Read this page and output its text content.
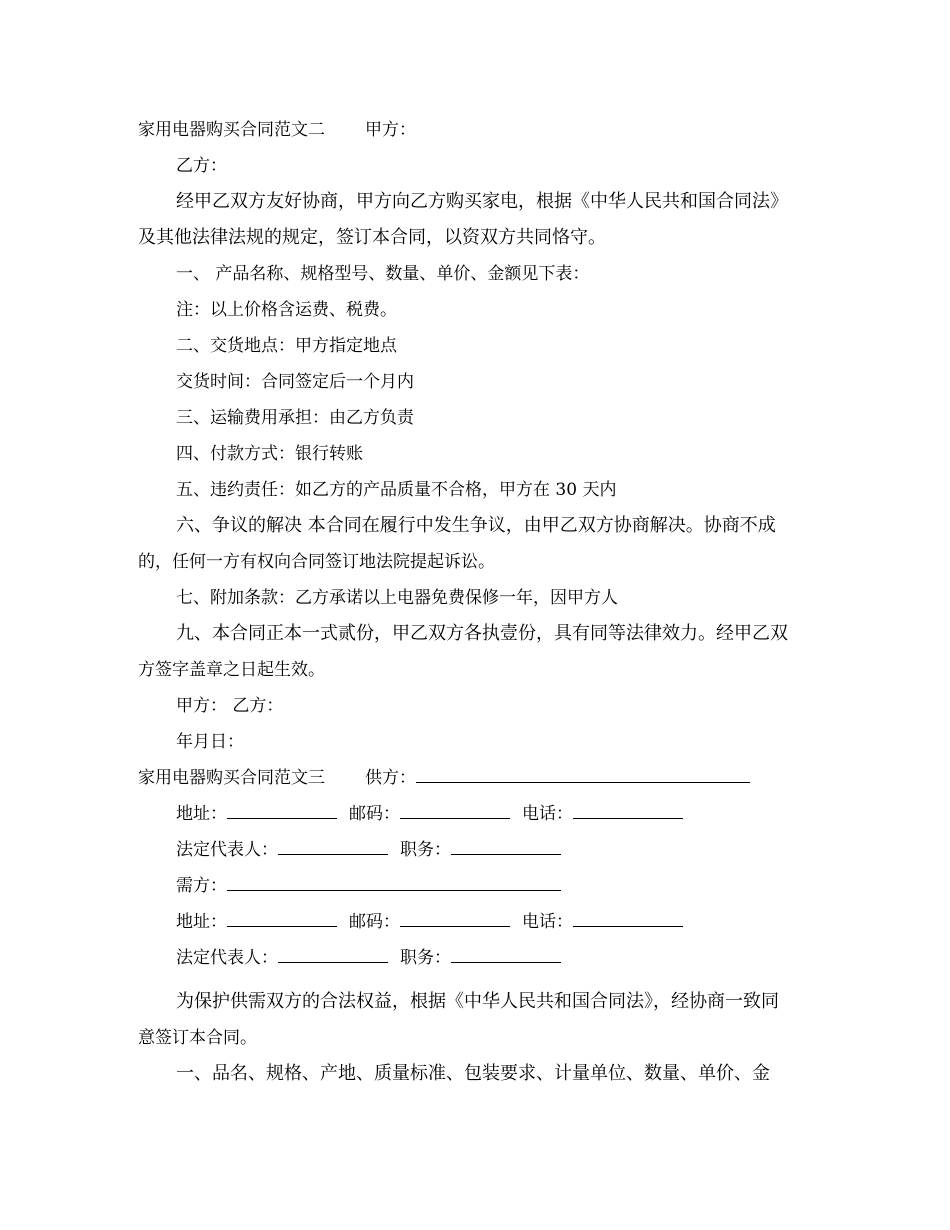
家用电器购买合同范文二 甲方：
乙方：
经甲乙双方友好协商，甲方向乙方购买家电，根据《中华人民共和国合同法》
及其他法律法规的规定，签订本合同，以资双方共同恪守。
一、 产品名称、规格型号、数量、单价、金额见下表：
注：以上价格含运费、税费。
二、交货地点：甲方指定地点
交货时间：合同签定后一个月内
三、运输费用承担：由乙方负责
四、付款方式：银行转账
五、违约责任：如乙方的产品质量不合格，甲方在 30 天内
六、争议的解决 本合同在履行中发生争议，由甲乙双方协商解决。协商不成
的，任何一方有权向合同签订地法院提起诉讼。
七、附加条款：乙方承诺以上电器免费保修一年，因甲方人
九、本合同正本一式贰份，甲乙双方各执壹份，具有同等法律效力。经甲乙双
方签字盖章之日起生效。
甲方： 乙方：
年月日：
家用电器购买合同范文三 供方：
地址：	邮码：	电话：
法定代表人：	职务：
需方：
地址：	邮码：	电话：
法定代表人：	职务：
为保护供需双方的合法权益，根据《中华人民共和国合同法》，经协商一致同
意签订本合同。
一、品名、规格、产地、质量标准、包装要求、计量单位、数量、单价、金
